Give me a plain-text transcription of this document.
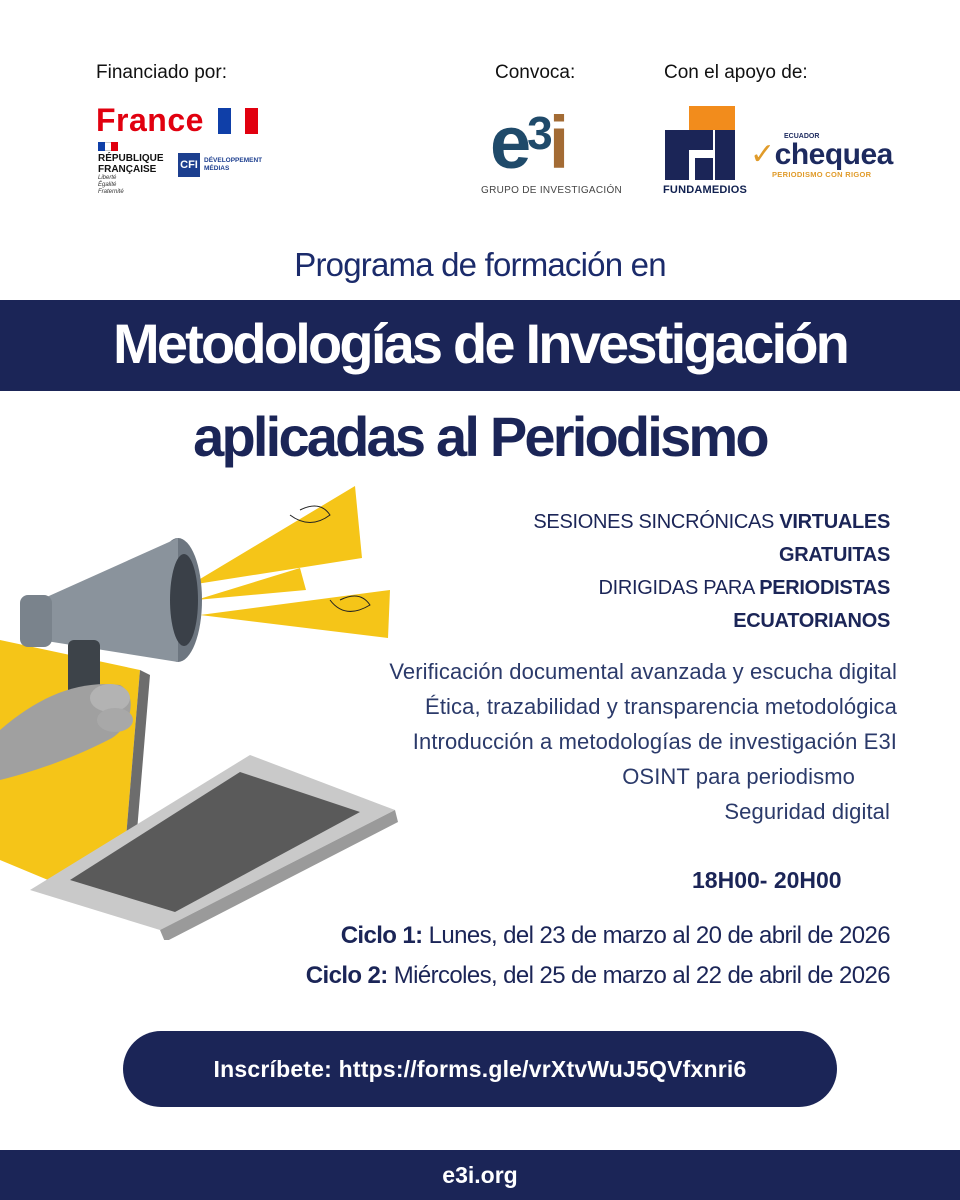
Financiado por:
France
RÉPUBLIQUE
FRANÇAISE
Liberté
Égalité
Fraternité
CFI DÉVELOPPEMENT
MÉDIAS
Convoca:
$e^3i$
GRUPO DE INVESTIGACIÓN
Con el apoyo de:
FUNDAMEDIOS
ECUADOR
✓chequea
PERIODISMO CON RIGOR
Programa de formación en
Metodologías de Investigación
aplicadas al Periodismo
SESIONES SINCRÓNICAS VIRTUALES
GRATUITAS
DIRIGIDAS PARA PERIODISTAS
ECUATORIANOS
Verificación documental avanzada y escucha digital
Ética, trazabilidad y transparencia metodológica
Introducción a metodologías de investigación E3I
OSINT para periodismo
Seguridad digital
18H00- 20H00
Ciclo 1: Lunes, del 23 de marzo al 20 de abril de 2026
Ciclo 2: Miércoles, del 25 de marzo al 22 de abril de 2026
Inscríbete: https://forms.gle/vrXtvWuJ5QVfxnri6
e3i.org
